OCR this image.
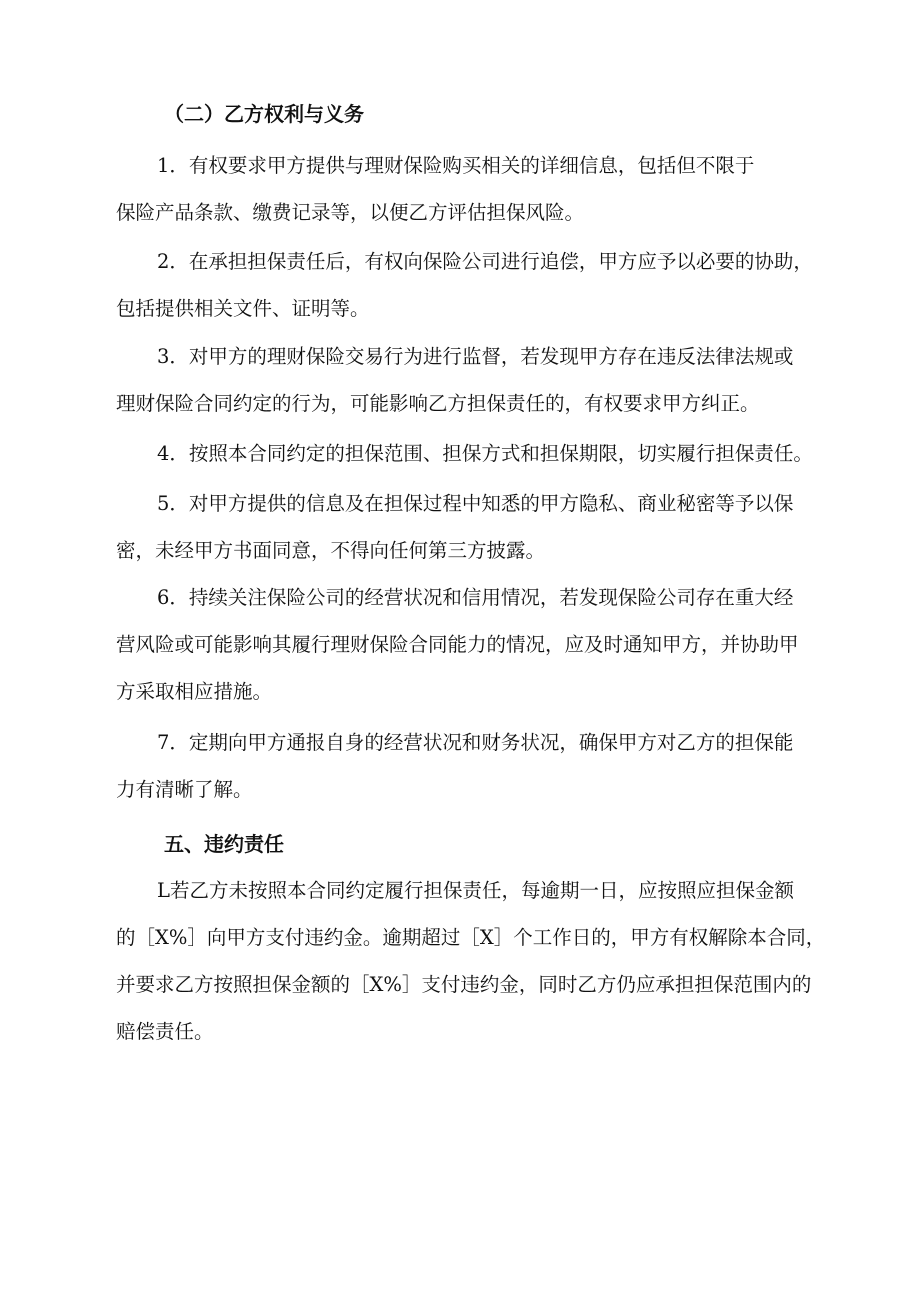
（二）乙方权利与义务
1．有权要求甲方提供与理财保险购买相关的详细信息，包括但不限于
保险产品条款、缴费记录等，以便乙方评估担保风险。
2．在承担担保责任后，有权向保险公司进行追偿，甲方应予以必要的协助，
包括提供相关文件、证明等。
3．对甲方的理财保险交易行为进行监督，若发现甲方存在违反法律法规或
理财保险合同约定的行为，可能影响乙方担保责任的，有权要求甲方纠正。
4．按照本合同约定的担保范围、担保方式和担保期限，切实履行担保责任。
5．对甲方提供的信息及在担保过程中知悉的甲方隐私、商业秘密等予以保
密，未经甲方书面同意，不得向任何第三方披露。
6．持续关注保险公司的经营状况和信用情况，若发现保险公司存在重大经
营风险或可能影响其履行理财保险合同能力的情况，应及时通知甲方，并协助甲
方采取相应措施。
7．定期向甲方通报自身的经营状况和财务状况，确保甲方对乙方的担保能
力有清晰了解。
五、违约责任
L若乙方未按照本合同约定履行担保责任，每逾期一日，应按照应担保金额
的［X%］向甲方支付违约金。逾期超过［X］个工作日的，甲方有权解除本合同，
并要求乙方按照担保金额的［X%］支付违约金，同时乙方仍应承担担保范围内的
赔偿责任。
